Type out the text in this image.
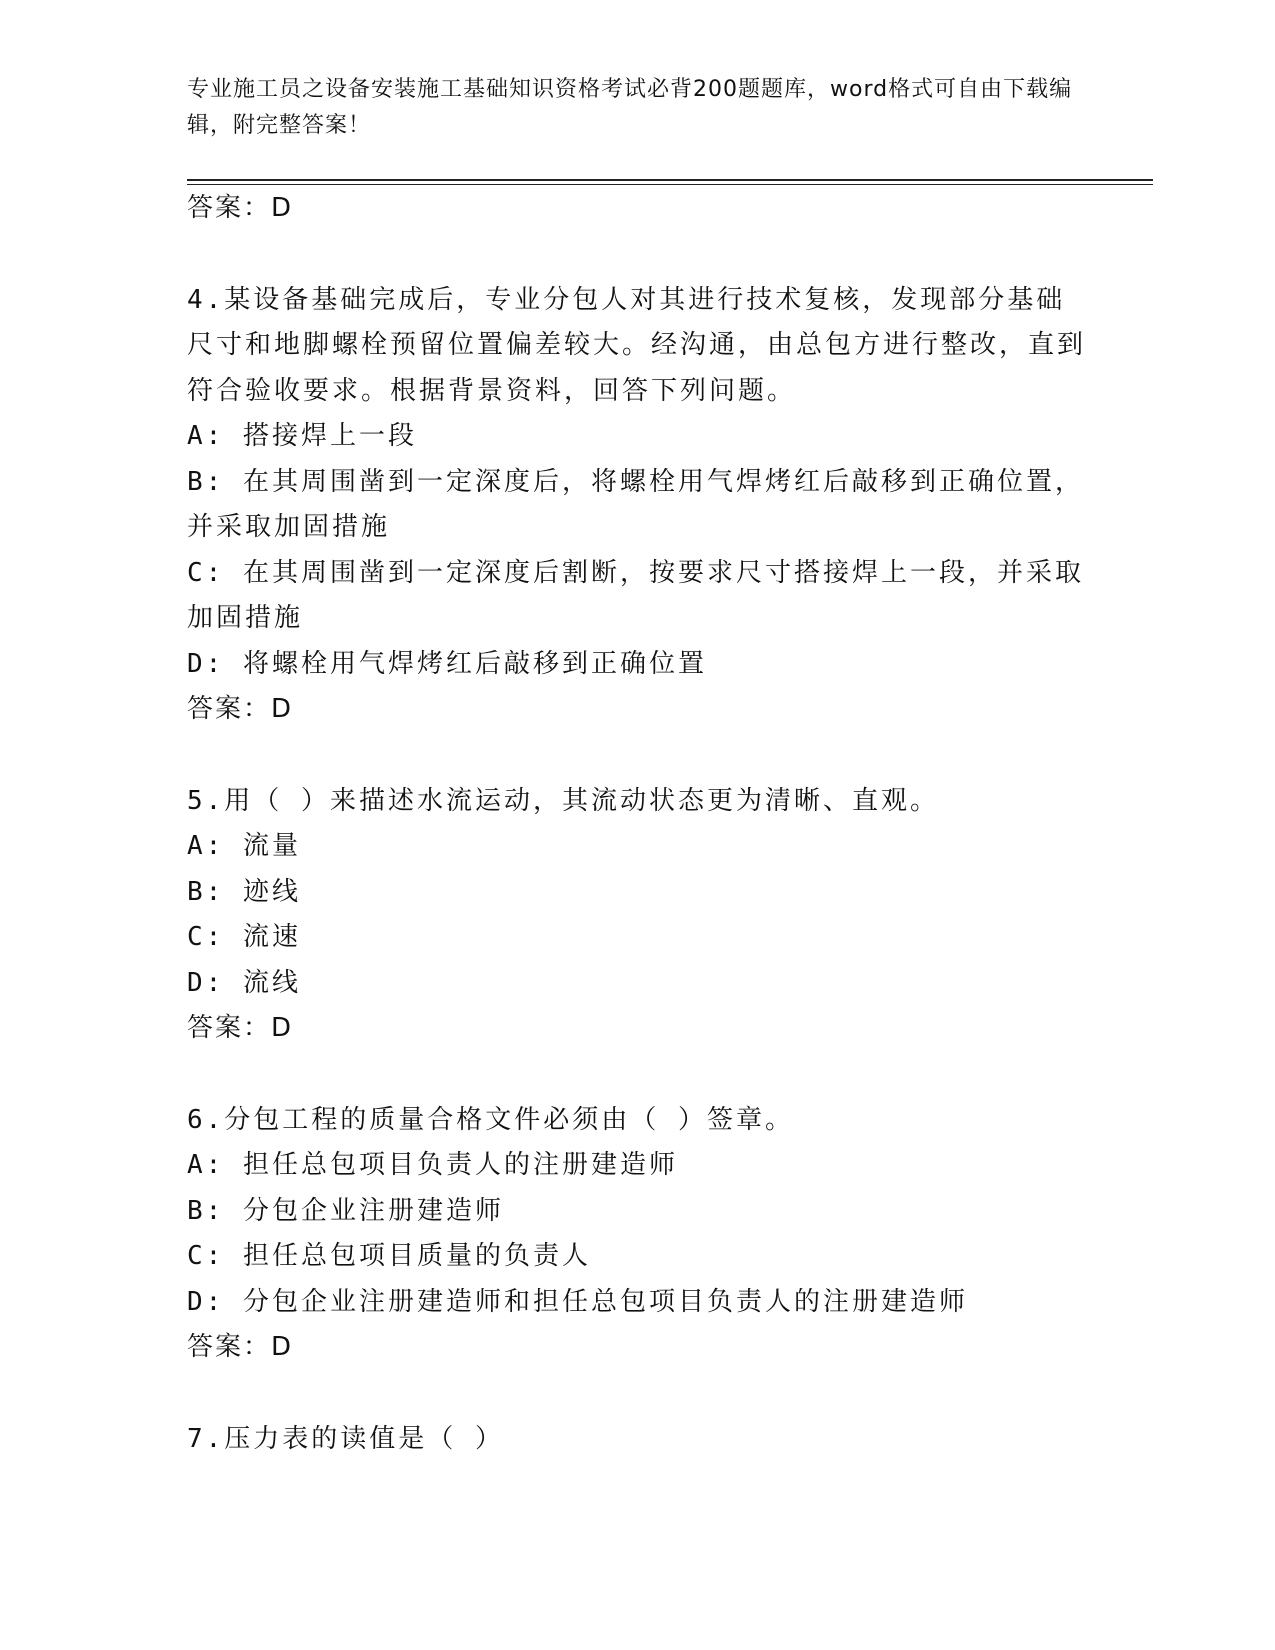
专业施工员之设备安装施工基础知识资格考试必背200题题库，word格式可自由下载编辑，附完整答案！
答案：D
4.某设备基础完成后，专业分包人对其进行技术复核，发现部分基础尺寸和地脚螺栓预留位置偏差较大。经沟通，由总包方进行整改，直到符合验收要求。根据背景资料，回答下列问题。
A: 搭接焊上一段
B: 在其周围凿到一定深度后，将螺栓用气焊烤红后敲移到正确位置，并采取加固措施
C: 在其周围凿到一定深度后割断，按要求尺寸搭接焊上一段，并采取加固措施
D: 将螺栓用气焊烤红后敲移到正确位置
答案：D
5.用（ ）来描述水流运动，其流动状态更为清晰、直观。
A: 流量
B: 迹线
C: 流速
D: 流线
答案：D
6.分包工程的质量合格文件必须由（ ）签章。
A: 担任总包项目负责人的注册建造师
B: 分包企业注册建造师
C: 担任总包项目质量的负责人
D: 分包企业注册建造师和担任总包项目负责人的注册建造师
答案：D
7.压力表的读值是（ ）
